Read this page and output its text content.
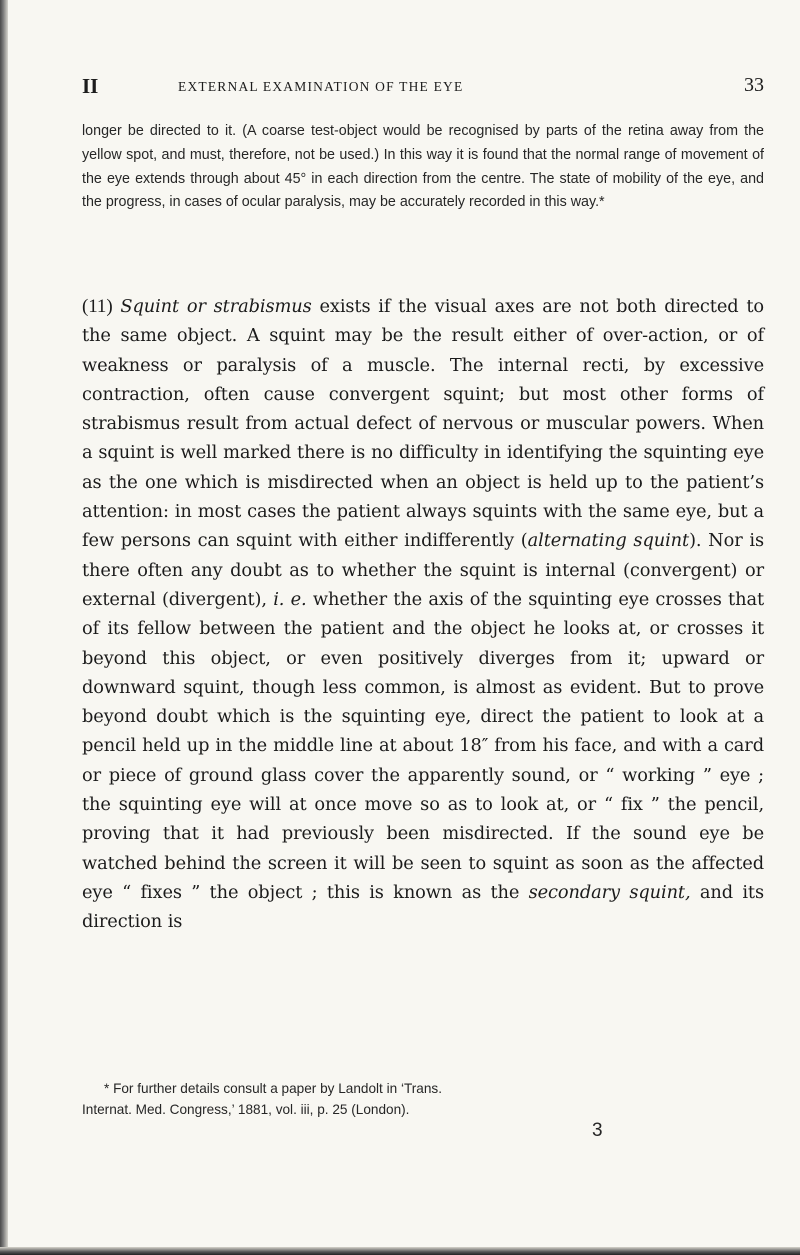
II	EXTERNAL EXAMINATION OF THE EYE	33
longer be directed to it. (A coarse test-object would be recognised by parts of the retina away from the yellow spot, and must, therefore, not be used.) In this way it is found that the normal range of movement of the eye extends through about 45° in each direction from the centre. The state of mobility of the eye, and the progress, in cases of ocular paralysis, may be accurately recorded in this way.*
(11) Squint or strabismus exists if the visual axes are not both directed to the same object. A squint may be the result either of over-action, or of weakness or paralysis of a muscle. The internal recti, by excessive contraction, often cause convergent squint; but most other forms of strabismus result from actual defect of nervous or muscular powers. When a squint is well marked there is no difficulty in identifying the squinting eye as the one which is misdirected when an object is held up to the patient’s attention: in most cases the patient always squints with the same eye, but a few persons can squint with either indifferently (alternating squint). Nor is there often any doubt as to whether the squint is internal (convergent) or external (divergent), i. e. whether the axis of the squinting eye crosses that of its fellow between the patient and the object he looks at, or crosses it beyond this object, or even positively diverges from it; upward or downward squint, though less common, is almost as evident. But to prove beyond doubt which is the squinting eye, direct the patient to look at a pencil held up in the middle line at about 18″ from his face, and with a card or piece of ground glass cover the apparently sound, or “ working ” eye ; the squinting eye will at once move so as to look at, or “ fix ” the pencil, proving that it had previously been misdirected. If the sound eye be watched behind the screen it will be seen to squint as soon as the affected eye “ fixes ” the object ; this is known as the secondary squint, and its direction is
* For further details consult a paper by Landolt in ‘Trans.
Internat. Med. Congress,’ 1881, vol. iii, p. 25 (London).
3
